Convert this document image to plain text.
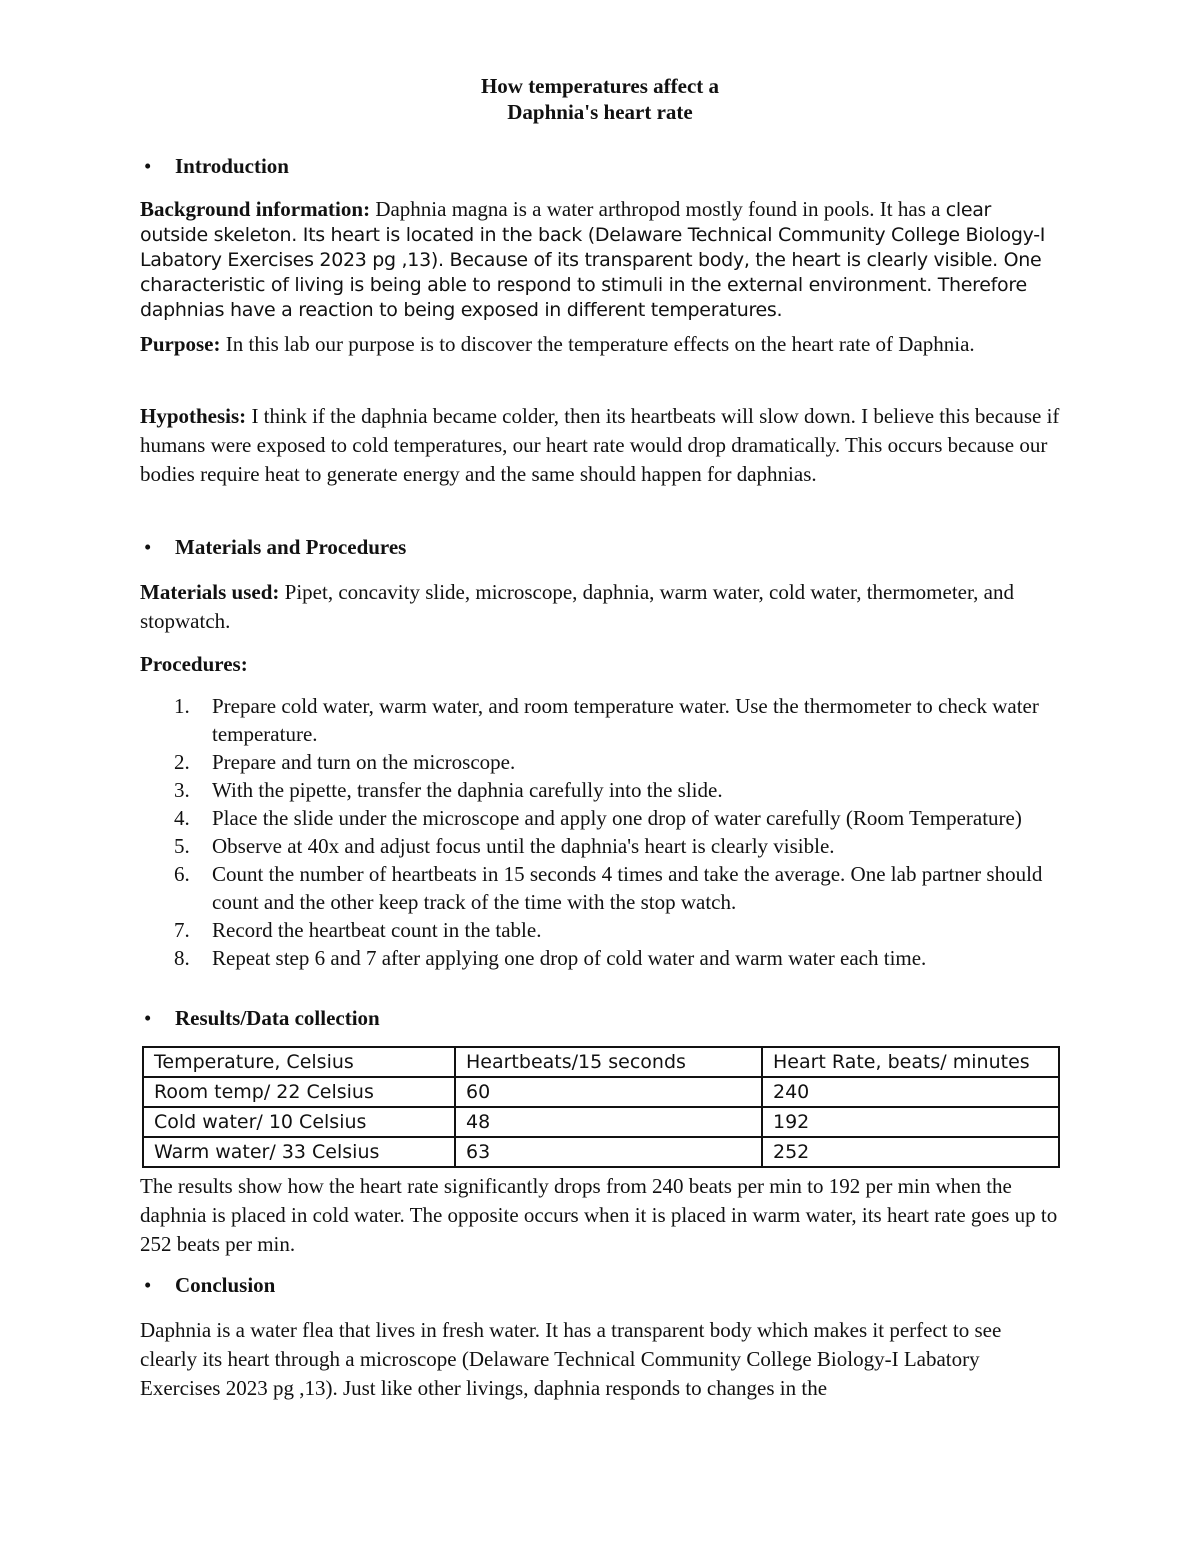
How temperatures affect a
Daphnia's heart rate
• Introduction
Background information: Daphnia magna is a water arthropod mostly found in pools. It has a clear outside skeleton. Its heart is located in the back (Delaware Technical Community College Biology-I Labatory Exercises 2023 pg ,13). Because of its transparent body, the heart is clearly visible. One characteristic of living is being able to respond to stimuli in the external environment. Therefore daphnias have a reaction to being exposed in different temperatures.
Purpose: In this lab our purpose is to discover the temperature effects on the heart rate of Daphnia.
Hypothesis: I think if the daphnia became colder, then its heartbeats will slow down. I believe this because if humans were exposed to cold temperatures, our heart rate would drop dramatically. This occurs because our bodies require heat to generate energy and the same should happen for daphnias.
• Materials and Procedures
Materials used: Pipet, concavity slide, microscope, daphnia, warm water, cold water, thermometer, and stopwatch.
Procedures:
1. Prepare cold water, warm water, and room temperature water. Use the thermometer to check water temperature.
2. Prepare and turn on the microscope.
3. With the pipette, transfer the daphnia carefully into the slide.
4. Place the slide under the microscope and apply one drop of water carefully (Room Temperature)
5. Observe at 40x and adjust focus until the daphnia's heart is clearly visible.
6. Count the number of heartbeats in 15 seconds 4 times and take the average. One lab partner should count and the other keep track of the time with the stop watch.
7. Record the heartbeat count in the table.
8. Repeat step 6 and 7 after applying one drop of cold water and warm water each time.
• Results/Data collection
Temperature, Celsius	Heartbeats/15 seconds	Heart Rate, beats/ minutes
Room temp/ 22 Celsius	60	240
Cold water/ 10 Celsius	48	192
Warm water/ 33 Celsius	63	252
The results show how the heart rate significantly drops from 240 beats per min to 192 per min when the daphnia is placed in cold water. The opposite occurs when it is placed in warm water, its heart rate goes up to 252 beats per min.
• Conclusion
Daphnia is a water flea that lives in fresh water. It has a transparent body which makes it perfect to see clearly its heart through a microscope (Delaware Technical Community College Biology-I Labatory Exercises 2023 pg ,13). Just like other livings, daphnia responds to changes in the
